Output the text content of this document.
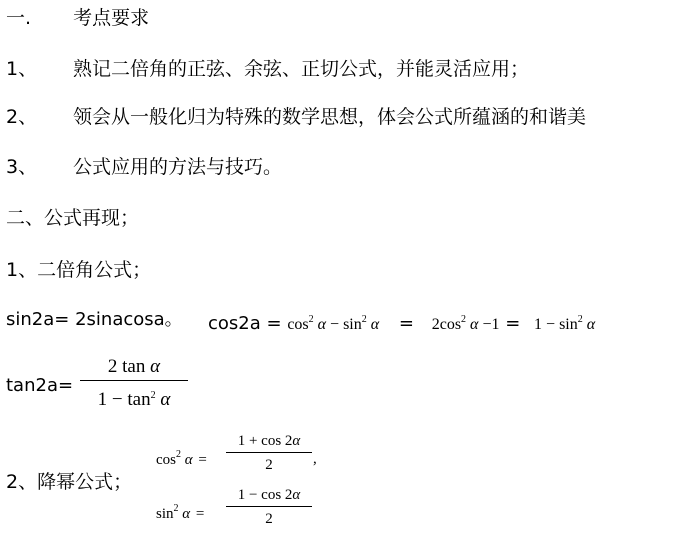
一. 考点要求
1、 熟记二倍角的正弦、余弦、正切公式，并能灵活应用；
2、 领会从一般化归为特殊的数学思想，体会公式所蕴涵的和谐美
3、 公式应用的方法与技巧。
二、公式再现；
1、二倍角公式；
sin2a= 2sinacosa。 $\cos 2a = \cos^2 \alpha - \sin^2 \alpha = 2\cos^2$ $\alpha -1 = 1 - \sin^2 \alpha$
$\tan 2a= \frac{\text{2 tan α}}{1 - \tan^2 \alpha}$
2、降幂公式；
$\cos^2 \alpha = \frac{1 + \cos 2\alpha}{2}$ ,
$\sin^2 \alpha = \frac{1 - \cos 2\alpha}{2}$
